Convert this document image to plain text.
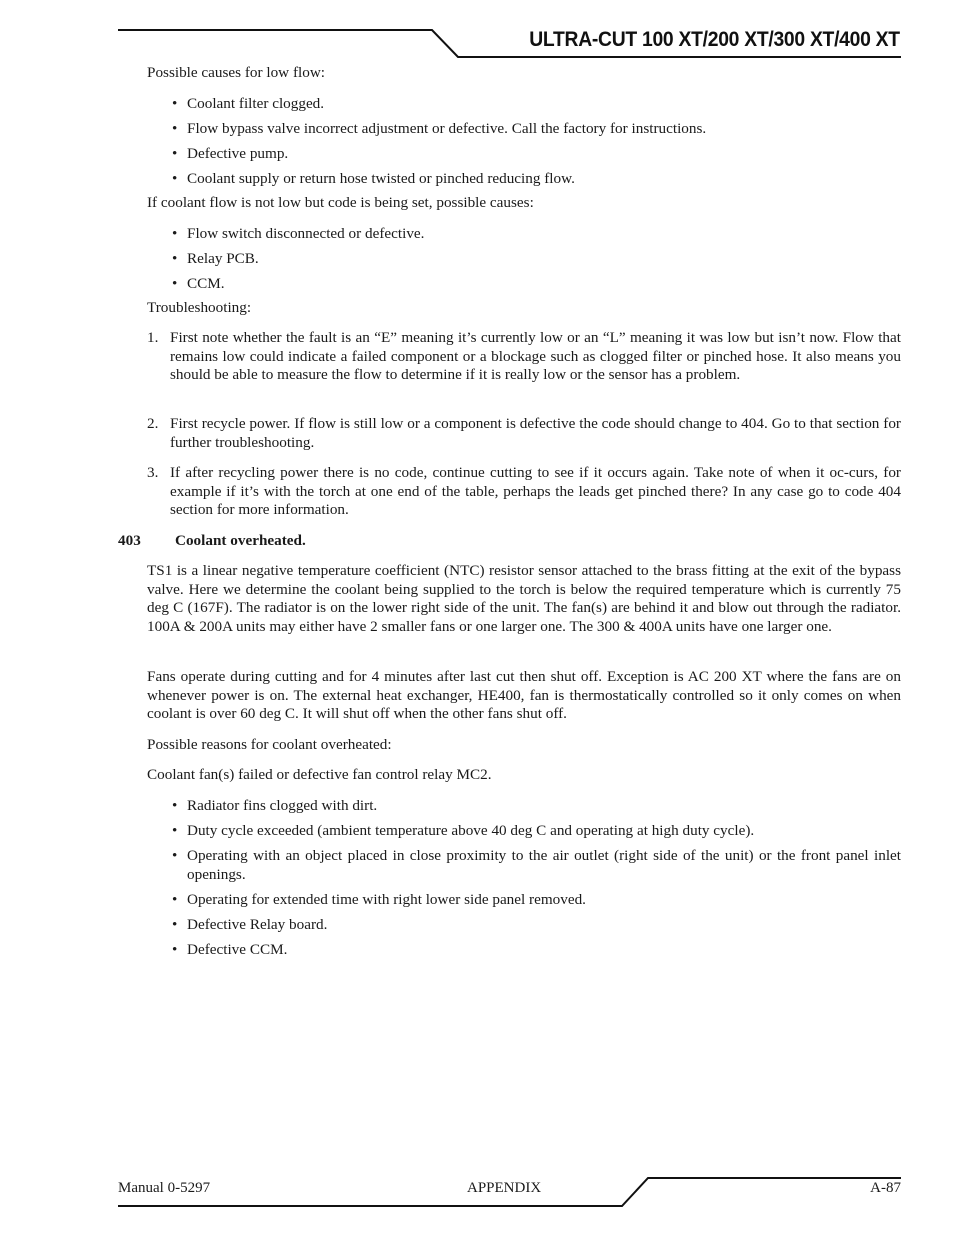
ULTRA-CUT 100 XT/200 XT/300 XT/400 XT
Possible causes for low flow:
• Coolant filter clogged.
• Flow bypass valve incorrect adjustment or defective. Call the factory for instructions.
• Defective pump.
• Coolant supply or return hose twisted or pinched reducing flow.
If coolant flow is not low but code is being set, possible causes:
• Flow switch disconnected or defective.
• Relay PCB.
• CCM.
Troubleshooting:
1. First note whether the fault is an “E” meaning it’s currently low or an “L” meaning it was low but isn’t now. Flow that remains low could indicate a failed component or a blockage such as clogged filter or pinched hose. It also means you should be able to measure the flow to determine if it is really low or the sensor has a problem.
2. First recycle power. If flow is still low or a component is defective the code should change to 404. Go to that section for further troubleshooting.
3. If after recycling power there is no code, continue cutting to see if it occurs again. Take note of when it oc-curs, for example if it’s with the torch at one end of the table, perhaps the leads get pinched there? In any case go to code 404 section for more information.
403 Coolant overheated.
TS1 is a linear negative temperature coefficient (NTC) resistor sensor attached to the brass fitting at the exit of the bypass valve. Here we determine the coolant being supplied to the torch is below the required temperature which is currently 75 deg C (167F). The radiator is on the lower right side of the unit. The fan(s) are behind it and blow out through the radiator. 100A & 200A units may either have 2 smaller fans or one larger one. The 300 & 400A units have one larger one.
Fans operate during cutting and for 4 minutes after last cut then shut off. Exception is AC 200 XT where the fans are on whenever power is on. The external heat exchanger, HE400, fan is thermostatically controlled so it only comes on when coolant is over 60 deg C. It will shut off when the other fans shut off.
Possible reasons for coolant overheated:
Coolant fan(s) failed or defective fan control relay MC2.
• Radiator fins clogged with dirt.
• Duty cycle exceeded (ambient temperature above 40 deg C and operating at high duty cycle).
• Operating with an object placed in close proximity to the air outlet (right side of the unit) or the front panel inlet openings.
• Operating for extended time with right lower side panel removed.
• Defective Relay board.
• Defective CCM.
Manual 0-5297	APPENDIX	A-87
